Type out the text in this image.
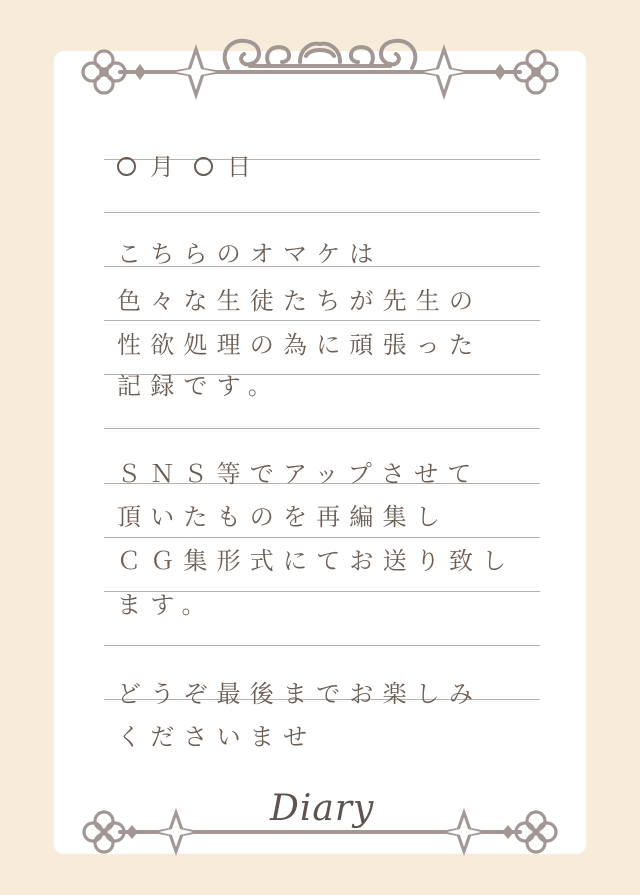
月 日
こちらのオマケは
色々な生徒たちが先生の
性欲処理の為に頑張った
記録です。
ＳＮＳ等でアップさせて
頂いたものを再編集し
ＣＧ集形式にてお送り致し
ます。
どうぞ最後までお楽しみ
くださいませ
Diary
